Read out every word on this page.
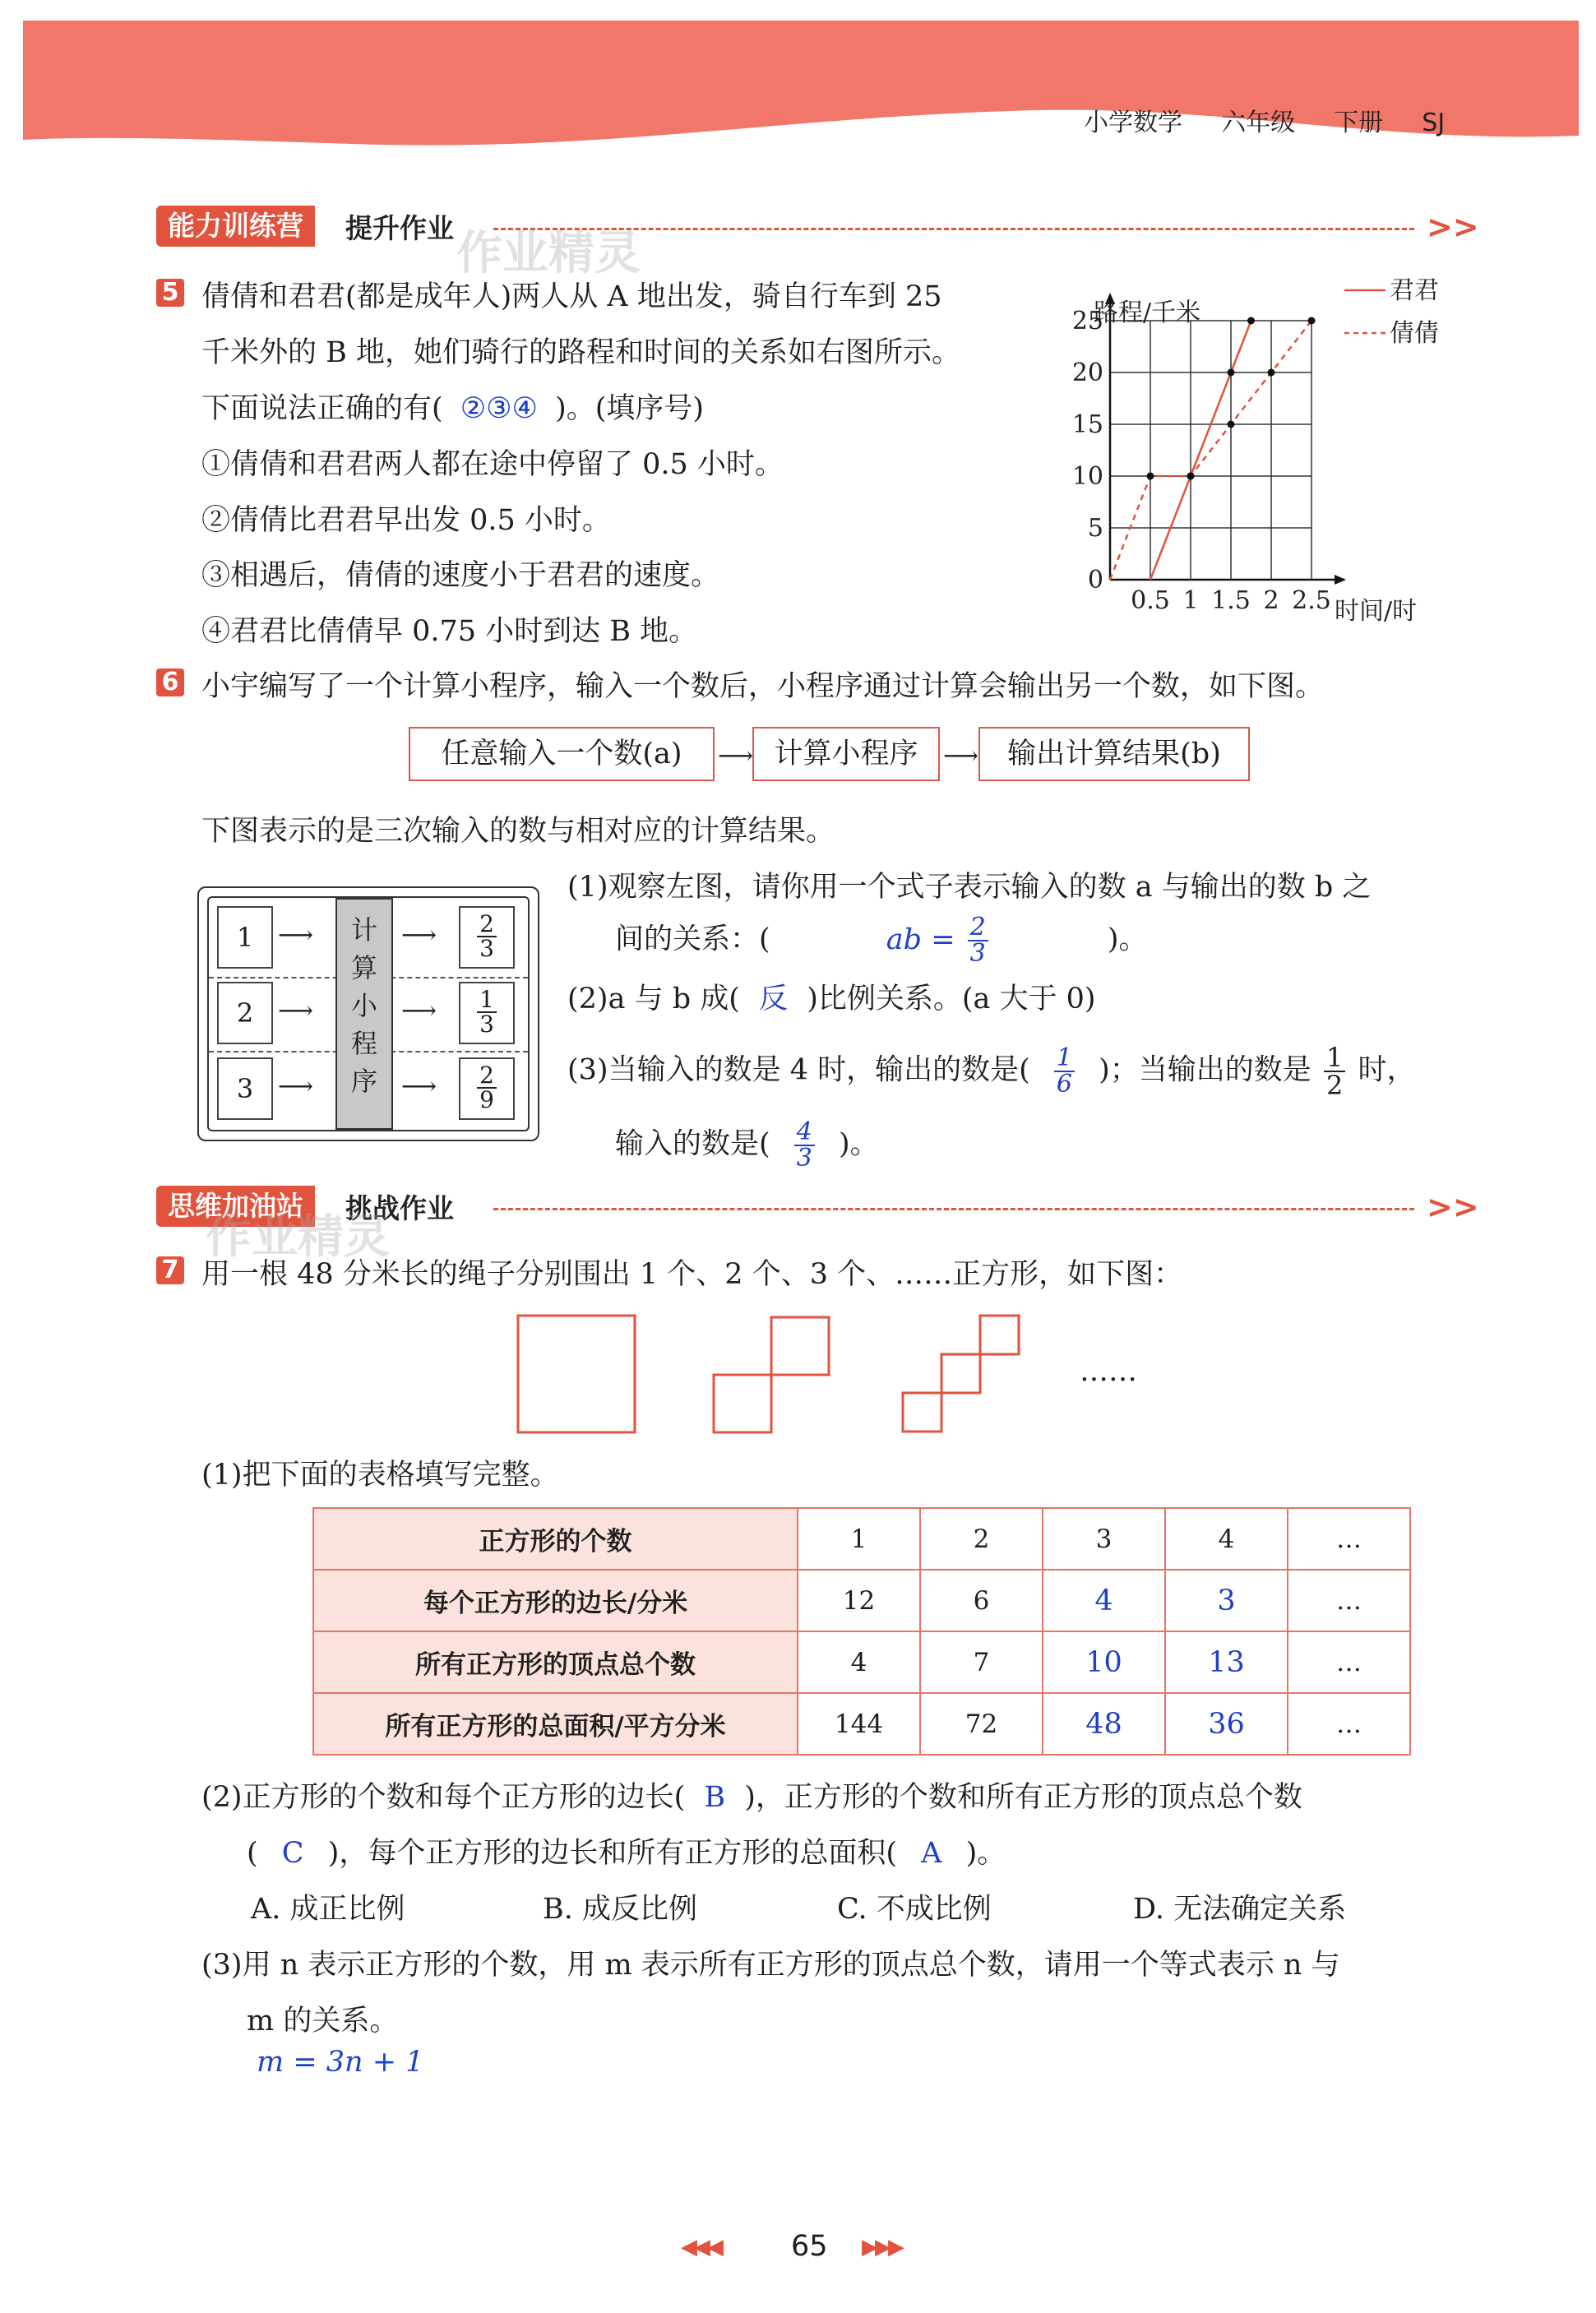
小学数学 六年级 下册 SJ
能力训练营	提升作业 作业精灵	>>
5 倩倩和君君(都是成年人)两人从 A 地出发，骑自行车到 25
千米外的 B 地，她们骑行的路程和时间的关系如右图所示。
下面说法正确的有( ②③④ )。(填序号)
①倩倩和君君两人都在途中停留了 0.5 小时。
②倩倩比君君早出发 0.5 小时。
③相遇后，倩倩的速度小于君君的速度。
④君君比倩倩早 0.75 小时到达 B 地。
0.5 1 1.5 2 2.5
5
10
15
20
25
0
路程/千米
时间/时
君君
倩倩
6 小宇编写了一个计算小程序，输入一个数后，小程序通过计算会输出另一个数，如下图。
任意输入一个数(a)	⟶ 计算小程序	⟶	输出计算结果(b)
下图表示的是三次输入的数与相对应的计算结果。
1
2
3
⟶
⟶
⟶
计
算
小
程
序
⟶
⟶
⟶
$\frac{2}{3}$
$\frac{1}{3}$
$\frac{2}{9}$
(1)观察左图，请你用一个式子表示输入的数 a 与输出的数 b 之
间的关系：(	ab = $\frac{2}{3}$	)。
(2)a 与 b 成( 反 )比例关系。(a 大于 0)
(3)当输入的数是 4 时，输出的数是( $\frac{1}{6}$ )；当输出的数是 $\frac{1}{2}$ 时，
输入的数是( $\frac{4}{3}$ )。
思维加油站	挑战作业
作业精灵
>>
7 用一根 48 分米长的绳子分别围出 1 个、2 个、3 个、……正方形，如下图：
……
(1)把下面的表格填写完整。
正方形的个数	1	2	3	4	…
每个正方形的边长/分米	12	6	4	3	…
所有正方形的顶点总个数	4	7	10	13	…
所有正方形的总面积/平方分米	144	72	48	36	…
(2)正方形的个数和每个正方形的边长( B )，正方形的个数和所有正方形的顶点总个数
( C )，每个正方形的边长和所有正方形的总面积( A )。
A. 成正比例	B. 成反比例	C. 不成比例	D. 无法确定关系
(3)用 n 表示正方形的个数，用 m 表示所有正方形的顶点总个数，请用一个等式表示 n 与
m 的关系。
m = 3n + 1
◀◀◀ 65 ▶▶▶
